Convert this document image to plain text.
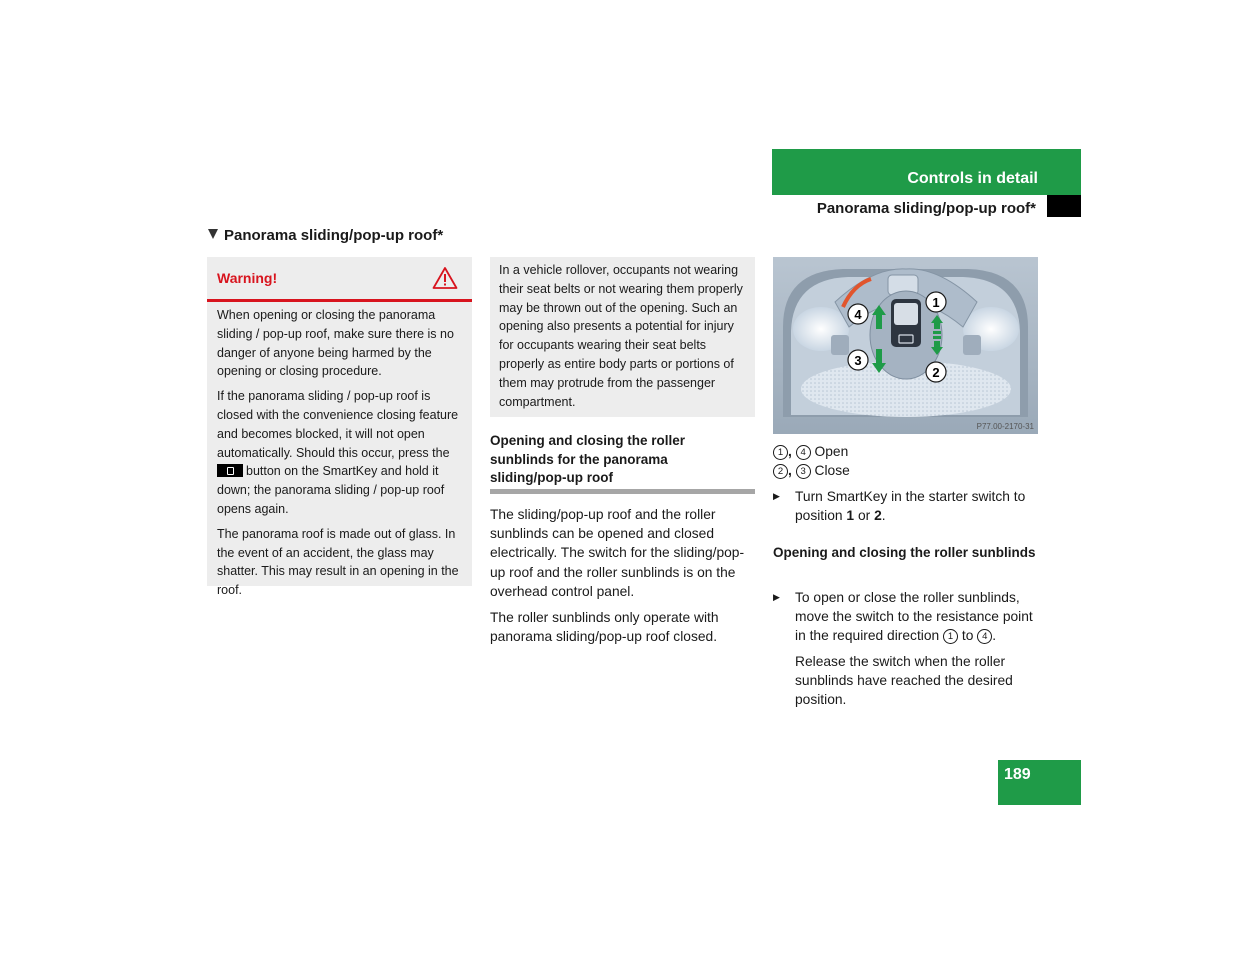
Controls in detail
Panorama sliding/pop-up roof*
Panorama sliding/pop-up roof*
Warning!

When opening or closing the panorama sliding / pop-up roof, make sure there is no danger of anyone being harmed by the opening or closing procedure.

If the panorama sliding / pop-up roof is closed with the convenience closing feature and becomes blocked, it will not open automatically. Should this occur, press the
button on the SmartKey and hold it down; the panorama sliding / pop-up roof opens again.

The panorama roof is made out of glass. In the event of an accident, the glass may shatter. This may result in an opening in the roof.

In a vehicle rollover, occupants not wearing their seat belts or not wearing them properly may be thrown out of the opening. Such an opening also presents a potential for injury for occupants wearing their seat belts properly as entire body parts or portions of them may protrude from the passenger compartment.
Opening and closing the roller sunblinds for the panorama sliding/pop-up roof

The sliding/pop-up roof and the roller sunblinds can be opened and closed electrically. The switch for the sliding/pop-up roof and the roller sunblinds is on the overhead control panel.

The roller sunblinds only operate with panorama sliding/pop-up roof closed.

1
2
3
4
P77.00-2170-31
1 , 4 Open
2 , 3 Close
▶ Turn SmartKey in the starter switch to position 1 or 2.
Opening and closing the roller sunblinds
▶ To open or close the roller sunblinds, move the switch to the resistance point in the required direction 1 to 4 .
Release the switch when the roller sunblinds have reached the desired position.
189
